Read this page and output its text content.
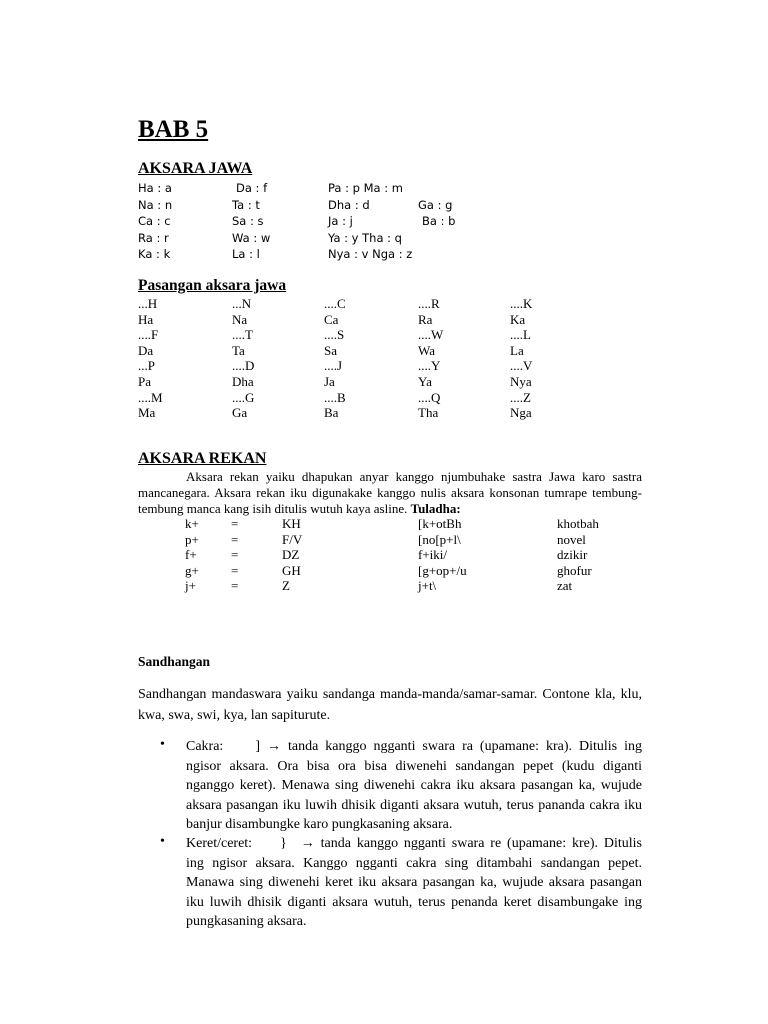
BAB 5
AKSARA JAWA
Ha : a	Da : f	Pa : p Ma : m
Na : n	Ta : t	Dha : d	Ga : g
Ca : c	Sa : s	Ja : j	Ba : b
Ra : r	Wa : w	Ya : y Tha : q
Ka : k	La : l	Nya : v Nga : z
Pasangan aksara jawa
...H	...N	....C	....R	....K
Ha	Na	Ca	Ra	Ka
....F	....T	....S	....W	....L
Da	Ta	Sa	Wa	La
...P	....D	....J	....Y	....V
Pa	Dha	Ja	Ya	Nya
....M	....G	....B	....Q	....Z
Ma	Ga	Ba	Tha	Nga
AKSARA REKAN
Aksara rekan yaiku dhapukan anyar kanggo njumbuhake sastra Jawa karo sastra mancanegara. Aksara rekan iku digunakake kanggo nulis aksara konsonan tumrape tembung-tembung manca kang isih ditulis wutuh kaya asline. Tuladha:
k+ =	KH	[k+otBh	khotbah
p+ =	F/V	[no[p+l\	novel
f+	=	DZ	f+iki/	dzikir
g+ =	GH	[g+op+/u	ghofur
j+	=	Z	j+t\	zat
Sandhangan
Sandhangan mandaswara yaiku sandanga manda-manda/samar-samar. Contone kla, klu, kwa, swa, swi, kya, lan sapiturute.
• Cakra: ] → tanda kanggo ngganti swara ra (upamane: kra). Ditulis ing ngisor aksara. Ora bisa ora bisa diwenehi sandangan pepet (kudu diganti nganggo keret). Menawa sing diwenehi cakra iku aksara pasangan ka, wujude aksara pasangan iku luwih dhisik diganti aksara wutuh, terus pananda cakra iku banjur disambungke karo pungkasaning aksara.
• Keret/ceret: } → tanda kanggo ngganti swara re (upamane: kre). Ditulis ing ngisor aksara. Kanggo ngganti cakra sing ditambahi sandangan pepet. Manawa sing diwenehi keret iku aksara pasangan ka, wujude aksara pasangan iku luwih dhisik diganti aksara wutuh, terus penanda keret disambungake ing pungkasaning aksara.
